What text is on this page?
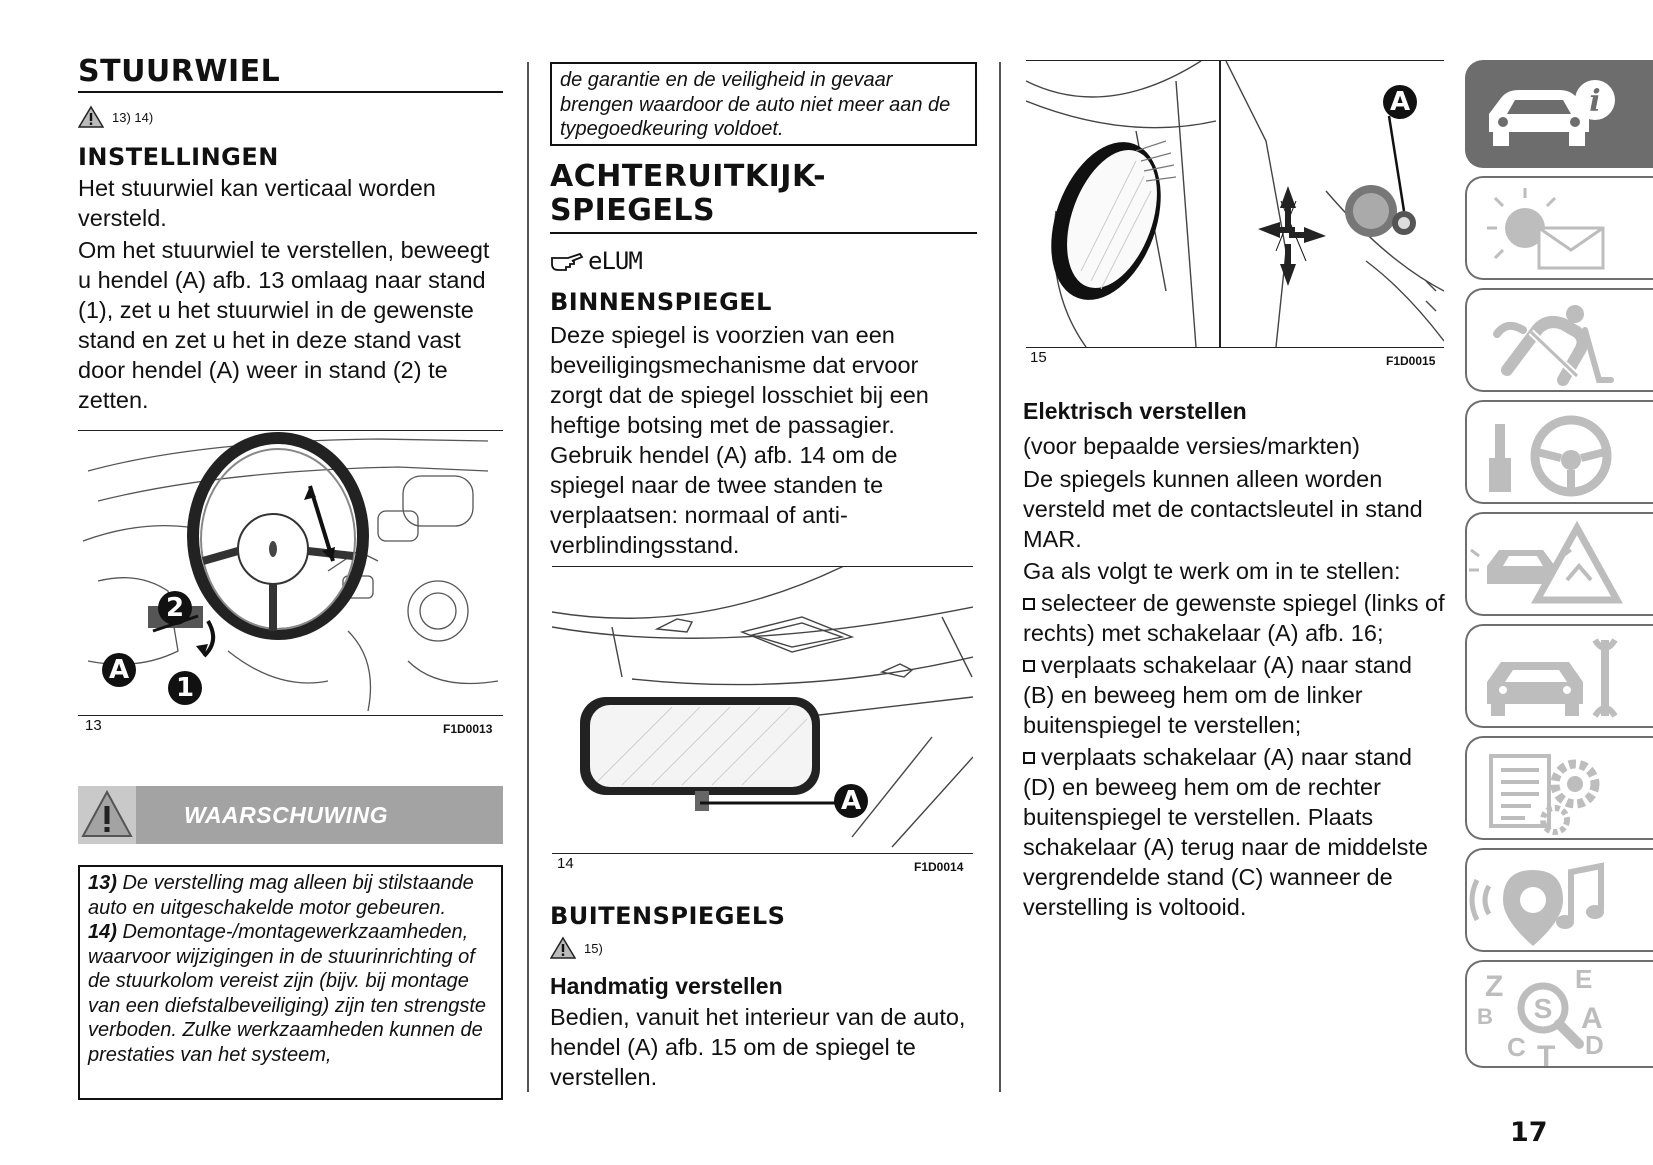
STUURWIEL
13) 14)
INSTELLINGEN

Het stuurwiel kan verticaal worden versteld.

Om het stuurwiel te verstellen, beweegt u hendel (A) afb. 13 omlaag naar stand (1), zet u het stuurwiel in de gewenste stand en zet u het in deze stand vast door hendel (A) weer in stand (2) te zetten.

2
A
1
13	F1D0013
WAARSCHUWING
13) De verstelling mag alleen bij stilstaande auto en uitgeschakelde motor gebeuren.
14) Demontage-/montagewerkzaamheden, waarvoor wijzigingen in de stuurinrichting of de stuurkolom vereist zijn (bijv. bij montage van een diefstalbeveiliging) zijn ten strengste verboden. Zulke werkzaamheden kunnen de prestaties van het systeem,
de garantie en de veiligheid in gevaar brengen waardoor de auto niet meer aan de typegoedkeuring voldoet.
ACHTERUITKIJK-
SPIEGELS
eLUM
BINNENSPIEGEL

Deze spiegel is voorzien van een beveiligingsmechanisme dat ervoor zorgt dat de spiegel losschiet bij een heftige botsing met de passagier. Gebruik hendel (A) afb. 14 om de spiegel naar de twee standen te verplaatsen: normaal of anti-verblindingsstand.

A
14	F1D0014
BUITENSPIEGELS
15)
Handmatig verstellen

Bedien, vanuit het interieur van de auto, hendel (A) afb. 15 om de spiegel te verstellen.

A
15	F1D0015
Elektrisch verstellen

(voor bepaalde versies/markten)

De spiegels kunnen alleen worden versteld met de contactsleutel in stand MAR.

Ga als volgt te werk om in te stellen:

selecteer de gewenste spiegel (links of rechts) met schakelaar (A) afb. 16;

verplaats schakelaar (A) naar stand (B) en beweeg hem om de linker buitenspiegel te verstellen;

verplaats schakelaar (A) naar stand (D) en beweeg hem om de rechter buitenspiegel te verstellen. Plaats schakelaar (A) terug naar de middelste vergrendelde stand (C) wanneer de verstelling is voltooid.

i
Z	E
B	A
C D
T
S
17
